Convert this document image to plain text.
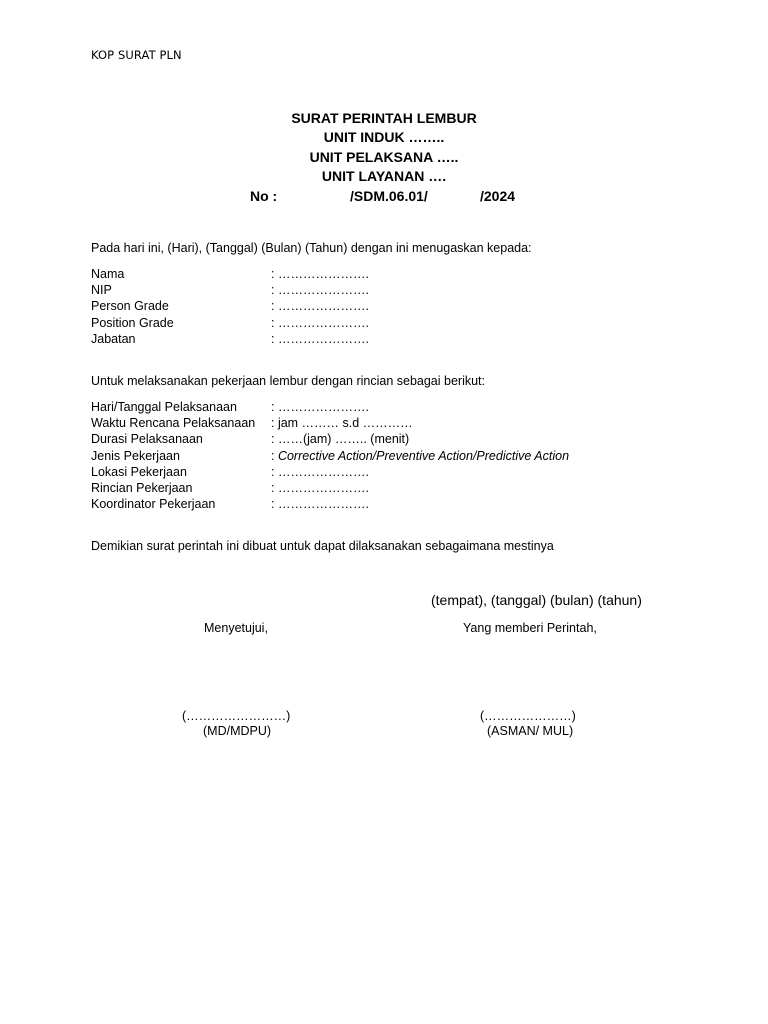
KOP SURAT PLN
SURAT PERINTAH LEMBUR
UNIT INDUK ……..
UNIT PELAKSANA …..
UNIT LAYANAN ….
No :	/SDM.06.01/	/2024
Pada hari ini, (Hari), (Tanggal) (Bulan) (Tahun) dengan ini menugaskan kepada:
Nama	: ………………….
NIP	: ………………….
Person Grade	: ………………….
Position Grade	: ………………….
Jabatan	: ………………….
Untuk melaksanakan pekerjaan lembur dengan rincian sebagai berikut:
Hari/Tanggal Pelaksanaan	: ………………….
Waktu Rencana Pelaksanaan : jam ……… s.d …………
Durasi Pelaksanaan	: ……(jam) …….. (menit)
Jenis Pekerjaan	: Corrective Action/Preventive Action/Predictive Action
Lokasi Pekerjaan	: ………………….
Rincian Pekerjaan	: ………………….
Koordinator Pekerjaan	: ………………….
Demikian surat perintah ini dibuat untuk dapat dilaksanakan sebagaimana mestinya
(tempat), (tanggal) (bulan) (tahun)
Menyetujui,	Yang memberi Perintah,
(……………………)
(MD/MDPU)
(…………………)
(ASMAN/ MUL)
